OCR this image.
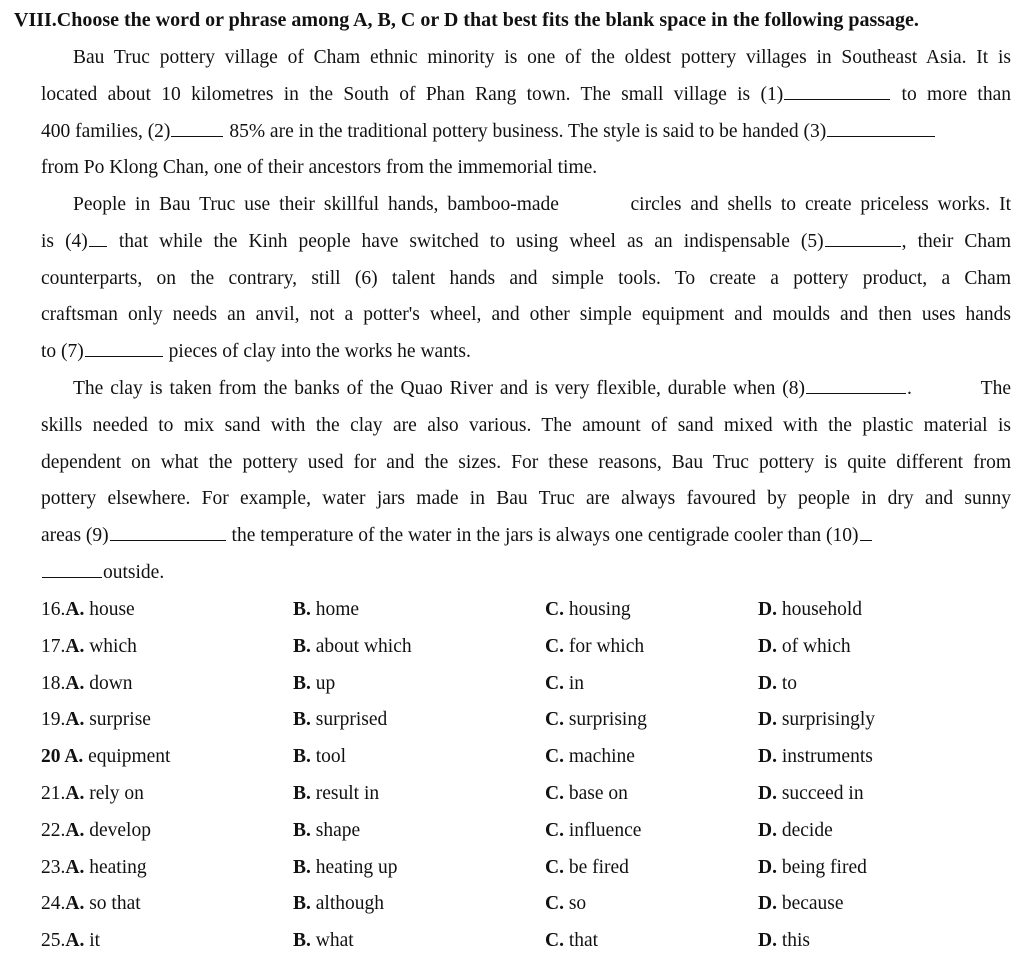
VIII.Choose the word or phrase among A, B, C or D that best fits the blank space in the following passage.
Bau Truc pottery village of Cham ethnic minority is one of the oldest pottery villages in Southeast Asia. It is
located about 10 kilometres in the South of Phan Rang town. The small village is (1)	to more than
400 families, (2)	85% are in the traditional pottery business. The style is said to be handed (3)
from Po Klong Chan, one of their ancestors from the immemorial time.
People in Bau Truc use their skillful hands, bamboo-made	circles and shells to create priceless works. It
is (4) that while the Kinh people have switched to using wheel as an indispensable (5)	, their Cham
counterparts, on the contrary, still (6) talent hands and simple tools. To create a pottery product, a Cham
craftsman only needs an anvil, not a potter's wheel, and other simple equipment and moulds and then uses hands
to (7)	pieces of clay into the works he wants.
The clay is taken from the banks of the Quao River and is very flexible, durable when (8)	.	The
skills needed to mix sand with the clay are also various. The amount of sand mixed with the plastic material is
dependent on what the pottery used for and the sizes. For these reasons, Bau Truc pottery is quite different from
pottery elsewhere. For example, water jars made in Bau Truc are always favoured by people in dry and sunny
areas (9)	the temperature of the water in the jars is always one centigrade cooler than (10)
outside.
16.A. house	B. home	C. housing	D. household
17.A. which	B. about which	C. for which	D. of which
18.A. down	B. up	C. in	D. to
19.A. surprise	B. surprised	C. surprising	D. surprisingly
20 A. equipment	B. tool	C. machine	D. instruments
21.A. rely on	B. result in	C. base on	D. succeed in
22.A. develop	B. shape	C. influence	D. decide
23.A. heating	B. heating up	C. be fired	D. being fired
24.A. so that	B. although	C. so	D. because
25.A. it	B. what	C. that	D. this
